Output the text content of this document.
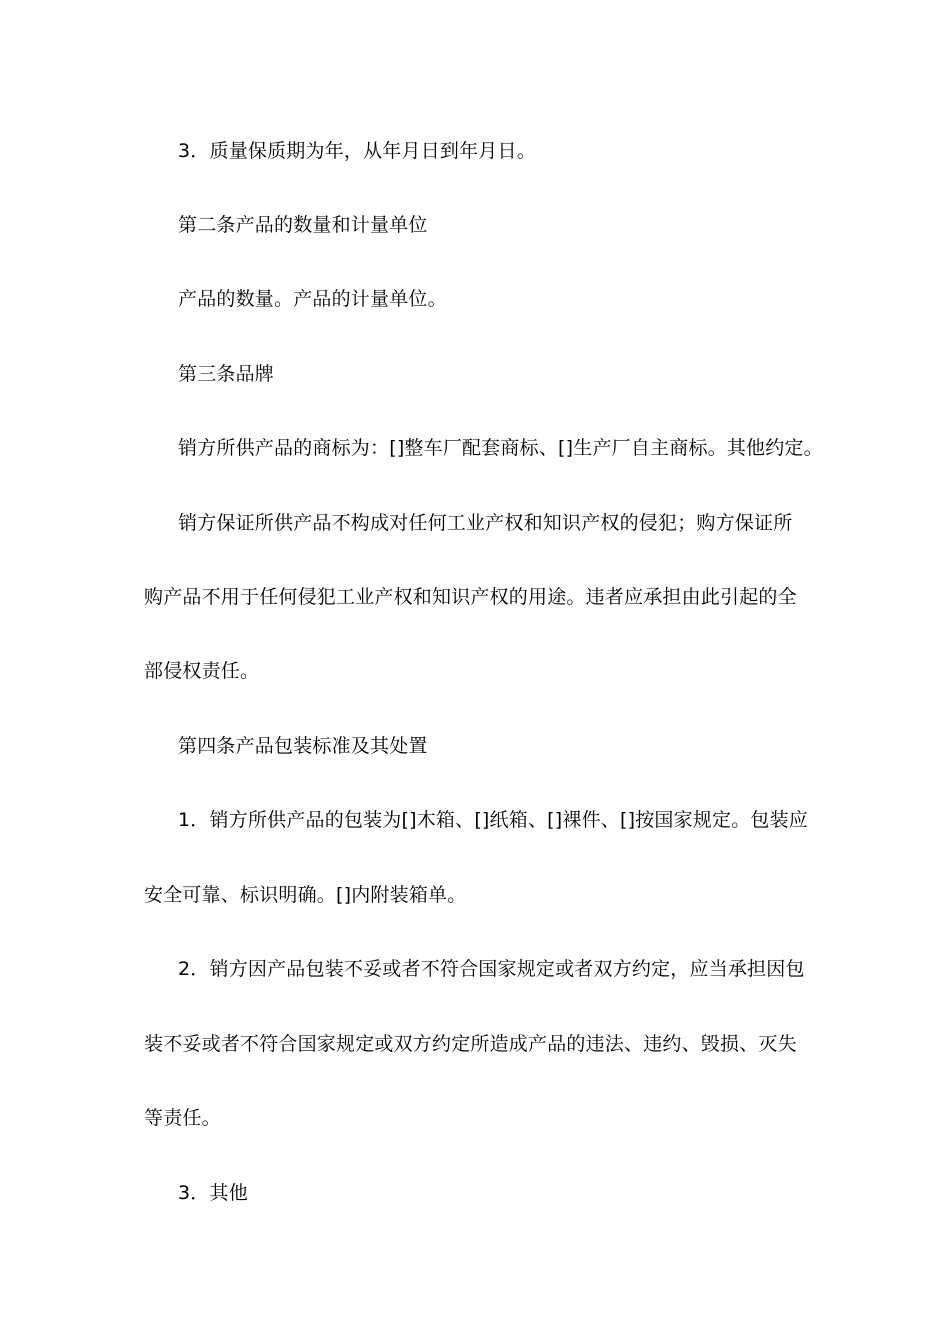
3．质量保质期为年，从年月日到年月日。
第二条产品的数量和计量单位
产品的数量。产品的计量单位。
第三条品牌
销方所供产品的商标为：[]整车厂配套商标、[]生产厂自主商标。其他约定。
销方保证所供产品不构成对任何工业产权和知识产权的侵犯；购方保证所
购产品不用于任何侵犯工业产权和知识产权的用途。违者应承担由此引起的全
部侵权责任。
第四条产品包装标准及其处置
1．销方所供产品的包装为[]木箱、[]纸箱、[]裸件、[]按国家规定。包装应
安全可靠、标识明确。[]内附装箱单。
2．销方因产品包装不妥或者不符合国家规定或者双方约定，应当承担因包
装不妥或者不符合国家规定或双方约定所造成产品的违法、违约、毁损、灭失
等责任。
3．其他
